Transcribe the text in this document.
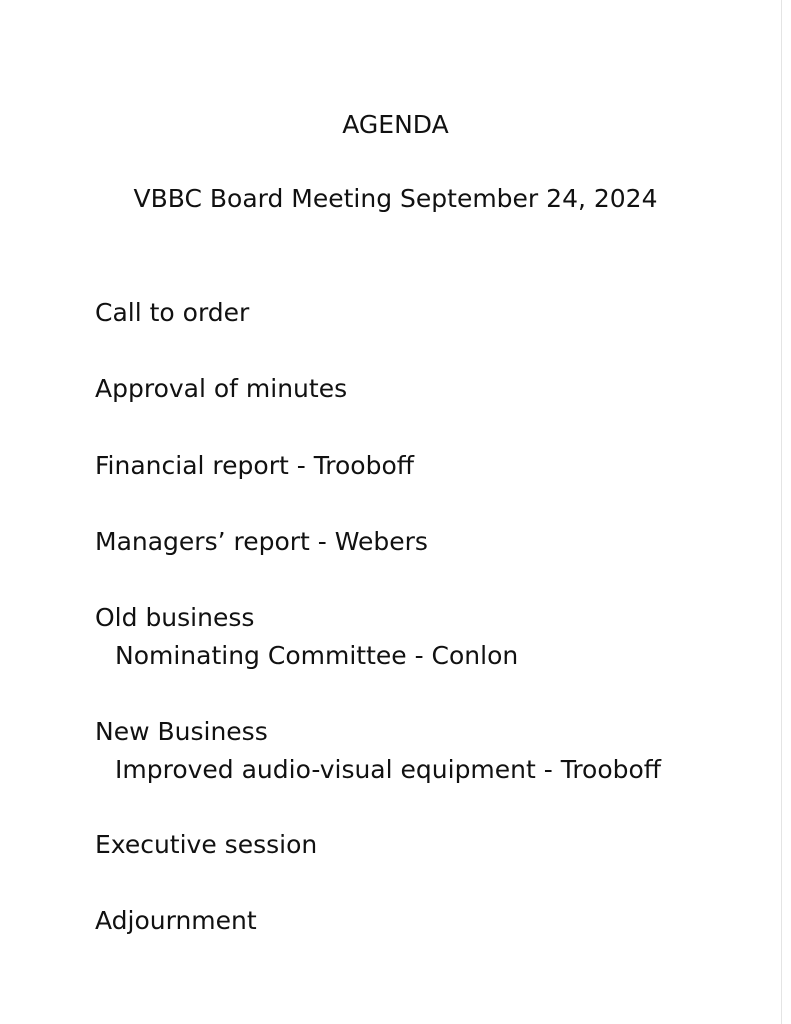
AGENDA
VBBC Board Meeting September 24, 2024
Call to order
Approval of minutes
Financial report - Trooboff
Managers’ report - Webers
Old business
Nominating Committee - Conlon
New Business
Improved audio-visual equipment - Trooboff
Executive session
Adjournment
